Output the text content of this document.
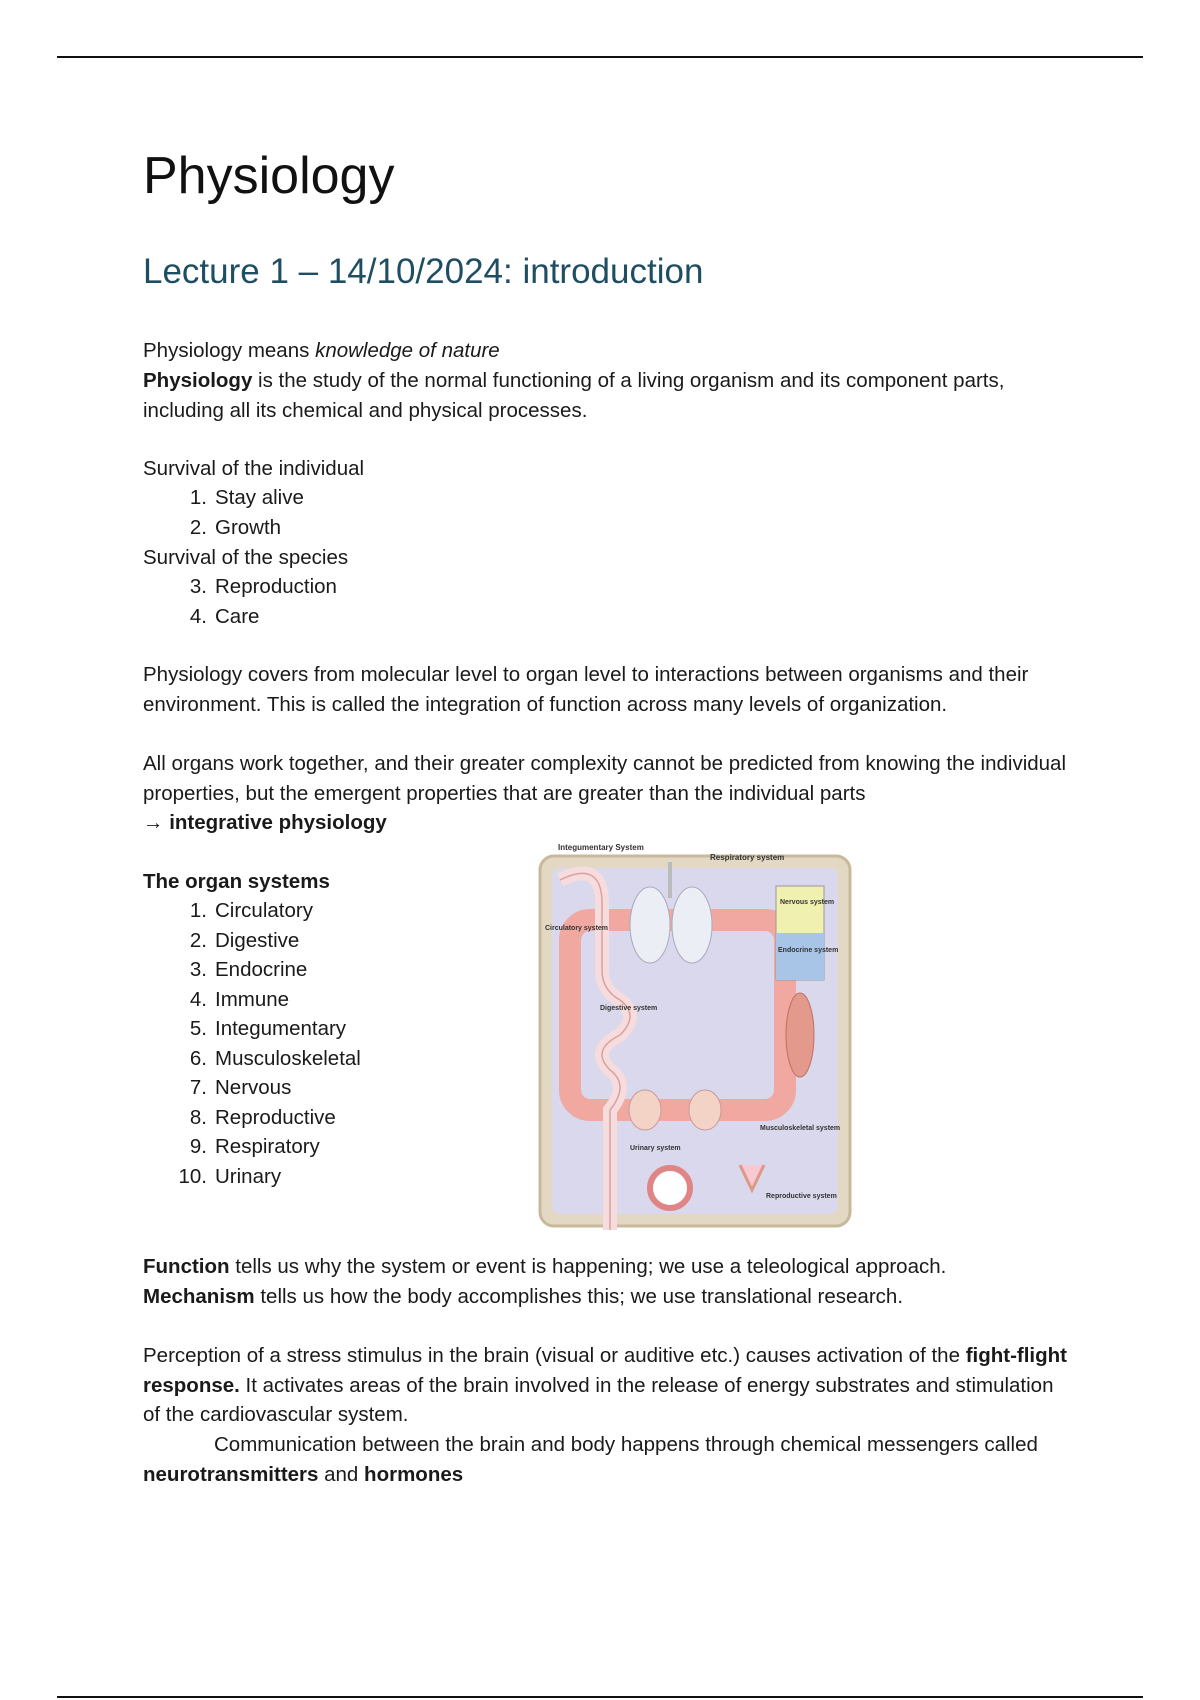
Physiology
Lecture 1 – 14/10/2024: introduction

Physiology means knowledge of nature

Physiology is the study of the normal functioning of a living organism and its component parts, including all its chemical and physical processes.

Survival of the individual

1. Stay alive
2. Growth

Survival of the species

3. Reproduction
4. Care

Physiology covers from molecular level to organ level to interactions between organisms and their environment. This is called the integration of function across many levels of organization.

All organs work together, and their greater complexity cannot be predicted from knowing the individual properties, but the emergent properties that are greater than the individual parts

→ integrative physiology

The organ systems

1. Circulatory
2. Digestive
3. Endocrine
4. Immune
5. Integumentary
6. Musculoskeletal
7. Nervous
8. Reproductive
9. Respiratory
10. Urinary

Function tells us why the system or event is happening; we use a teleological approach.

Mechanism tells us how the body accomplishes this; we use translational research.

Perception of a stress stimulus in the brain (visual or auditive etc.) causes activation of the fight-flight response. It activates areas of the brain involved in the release of energy substrates and stimulation of the cardiovascular system.

Communication between the brain and body happens through chemical messengers called neurotransmitters and hormones

Integumentary System
Respiratory system
Nervous system
Endocrine system
Circulatory system
Digestive system
Musculoskeletal system
Urinary system
Reproductive system
